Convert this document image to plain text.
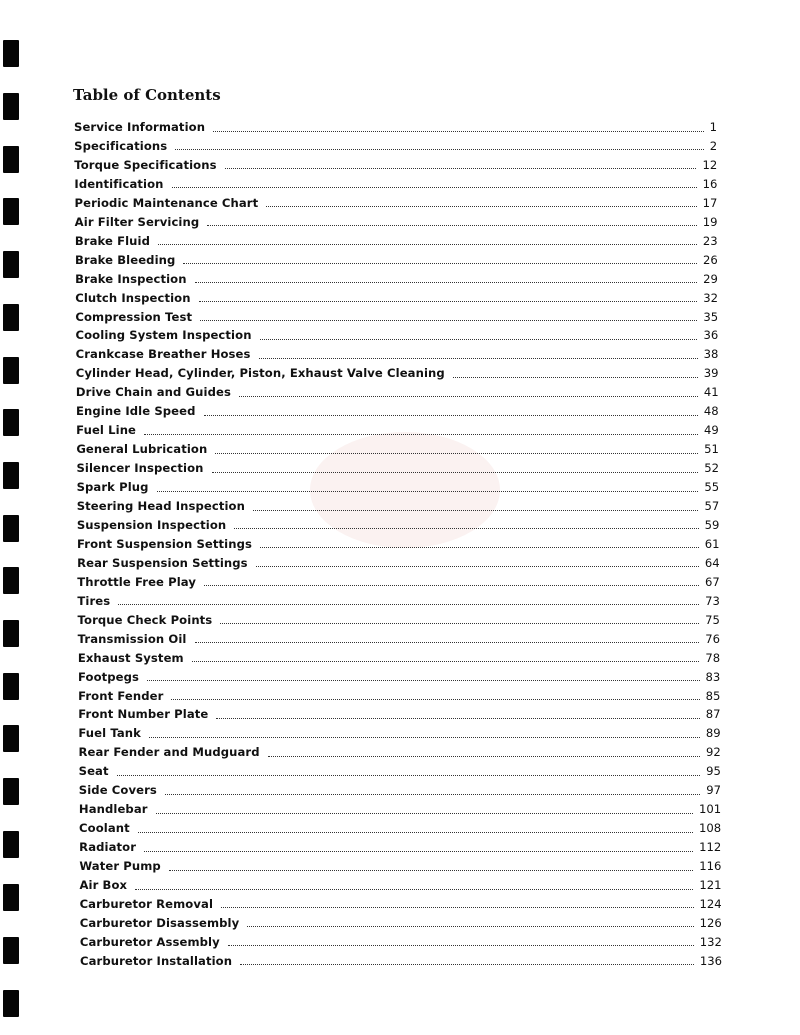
Table of Contents
Service Information	1
Specifications	2
Torque Specifications	12
Identification	16
Periodic Maintenance Chart	17
Air Filter Servicing	19
Brake Fluid	23
Brake Bleeding	26
Brake Inspection	29
Clutch Inspection	32
Compression Test	35
Cooling System Inspection	36
Crankcase Breather Hoses	38
Cylinder Head, Cylinder, Piston, Exhaust Valve Cleaning	39
Drive Chain and Guides	41
Engine Idle Speed	48
Fuel Line	49
General Lubrication	51
Silencer Inspection	52
Spark Plug	55
Steering Head Inspection	57
Suspension Inspection	59
Front Suspension Settings	61
Rear Suspension Settings	64
Throttle Free Play	67
Tires	73
Torque Check Points	75
Transmission Oil	76
Exhaust System	78
Footpegs	83
Front Fender	85
Front Number Plate	87
Fuel Tank	89
Rear Fender and Mudguard	92
Seat	95
Side Covers	97
Handlebar	101
Coolant	108
Radiator	112
Water Pump	116
Air Box	121
Carburetor Removal	124
Carburetor Disassembly	126
Carburetor Assembly	132
Carburetor Installation	136
